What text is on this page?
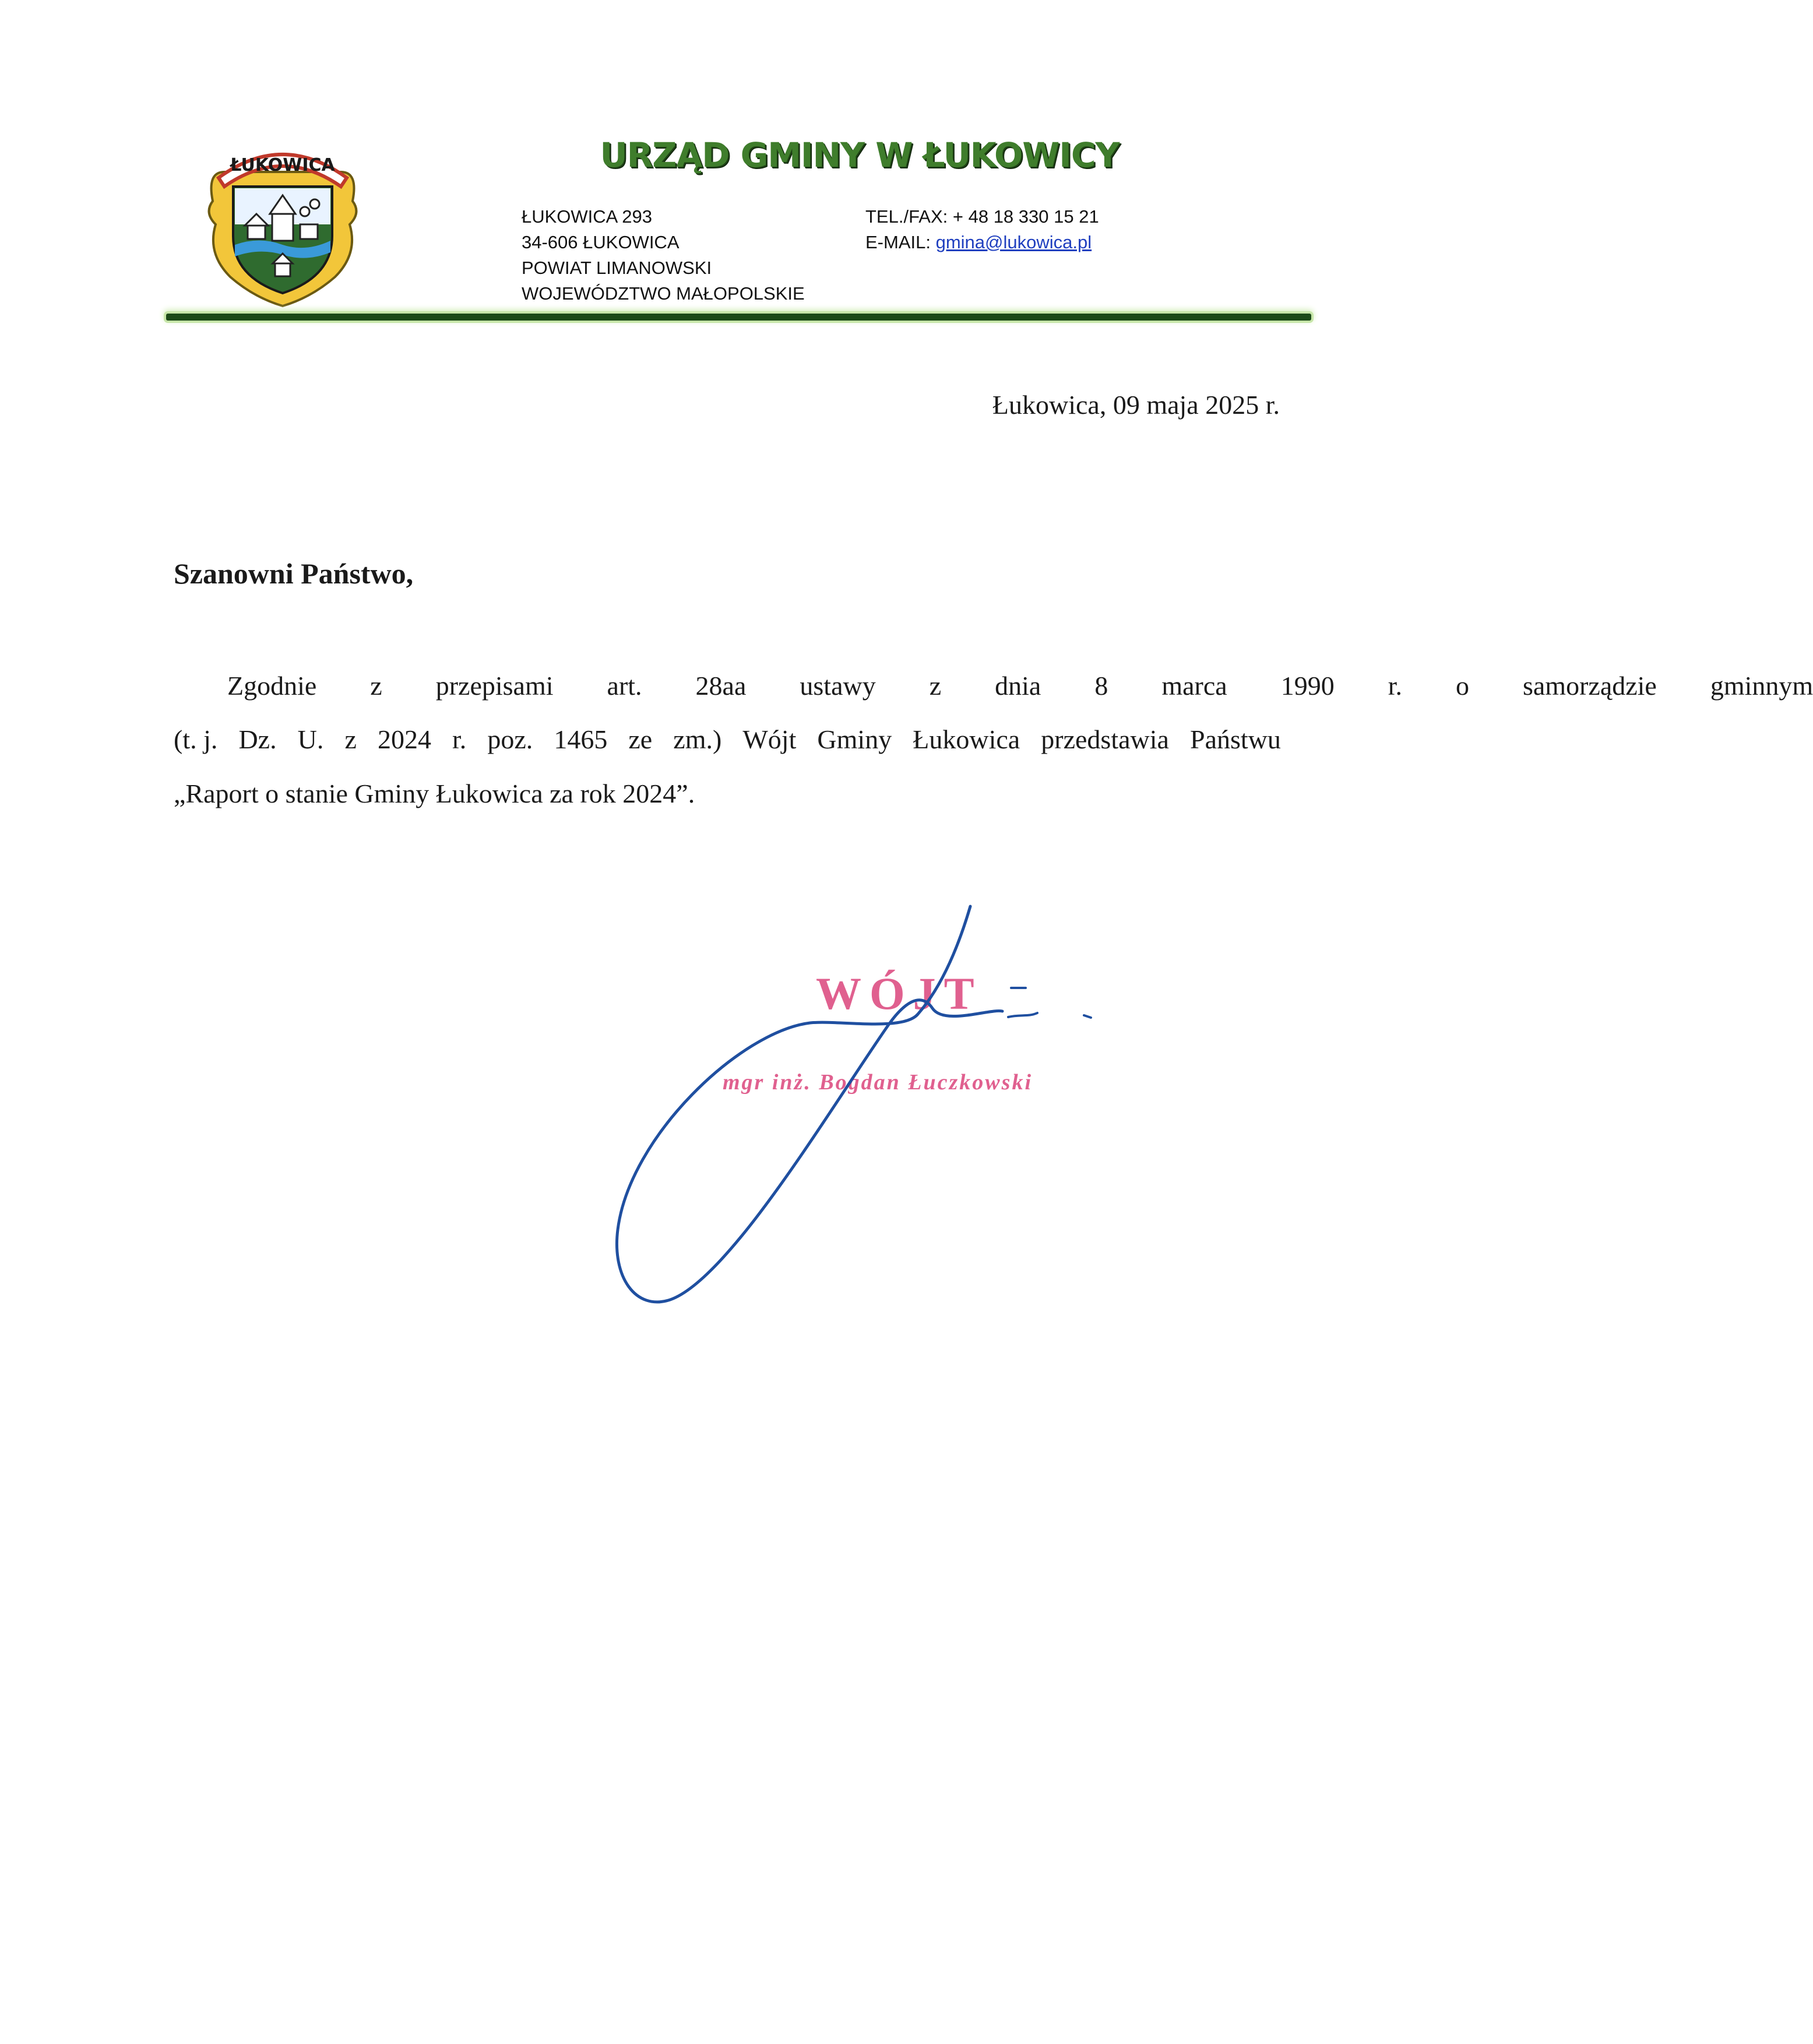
ŁUKOWICA	URZĄD GMINY W ŁUKOWICY
ŁUKOWICA 293
34-606 ŁUKOWICA
POWIAT LIMANOWSKI
WOJEWÓDZTWO MAŁOPOLSKIE
TEL./FAX: + 48 18 330 15 21
E-MAIL: gmina@lukowica.pl
Łukowica, 09 maja 2025 r.
Szanowni Państwo,
Zgodnie	z	przepisami	art.	28aa	ustawy	z	dnia	8	marca	1990	r.	o	samorządzie	gminnym
(t. j. Dz. U. z 2024 r. poz. 1465 ze zm.) Wójt Gminy Łukowica przedstawia Państwu
„Raport o stanie Gminy Łukowica za rok 2024”.
WÓJT
mgr inż. Bogdan Łuczkowski
